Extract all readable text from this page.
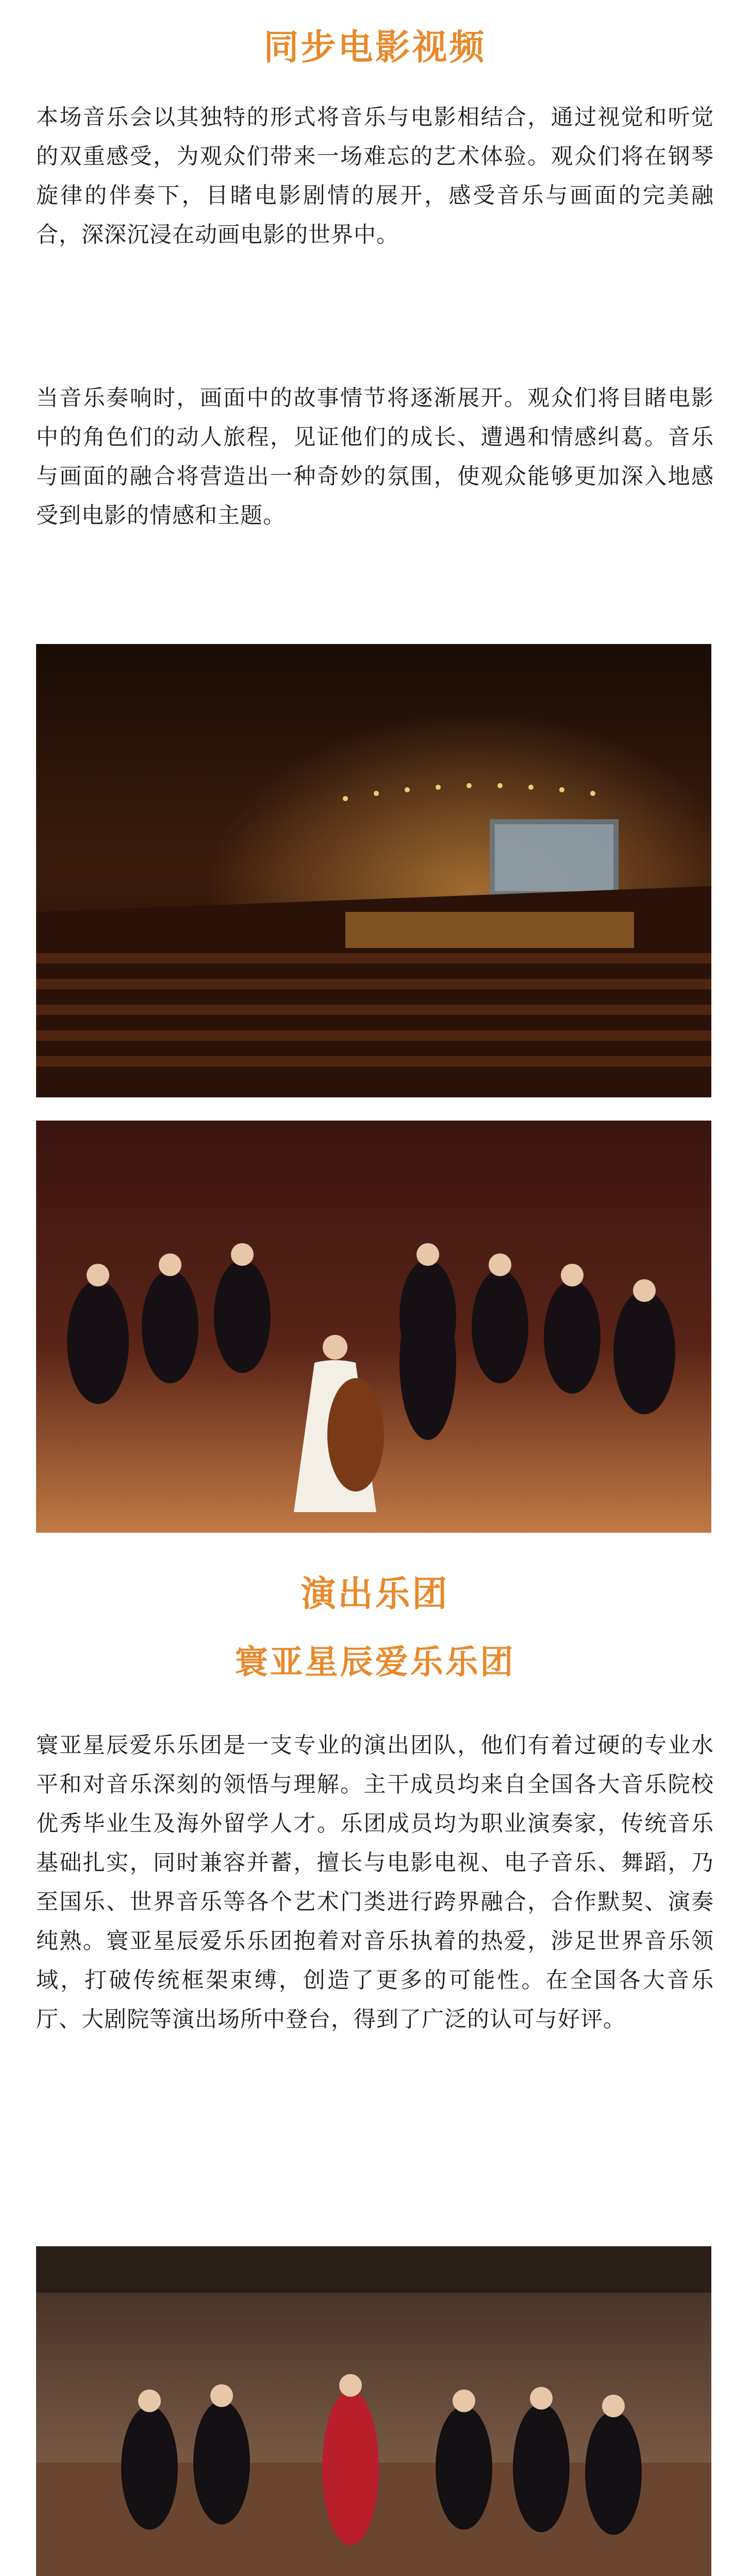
同步电影视频
本场音乐会以其独特的形式将音乐与电影相结合，通过视觉和听觉的双重感受，为观众们带来一场难忘的艺术体验。观众们将在钢琴旋律的伴奏下，目睹电影剧情的展开，感受音乐与画面的完美融合，深深沉浸在动画电影的世界中。
当音乐奏响时，画面中的故事情节将逐渐展开。观众们将目睹电影中的角色们的动人旅程，见证他们的成长、遭遇和情感纠葛。音乐与画面的融合将营造出一种奇妙的氛围，使观众能够更加深入地感受到电影的情感和主题。
演出乐团
寰亚星辰爱乐乐团
寰亚星辰爱乐乐团是一支专业的演出团队，他们有着过硬的专业水平和对音乐深刻的领悟与理解。主干成员均来自全国各大音乐院校优秀毕业生及海外留学人才。乐团成员均为职业演奏家，传统音乐基础扎实，同时兼容并蓄，擅长与电影电视、电子音乐、舞蹈，乃至国乐、世界音乐等各个艺术门类进行跨界融合，合作默契、演奏纯熟。寰亚星辰爱乐乐团抱着对音乐执着的热爱，涉足世界音乐领域，打破传统框架束缚，创造了更多的可能性。在全国各大音乐厅、大剧院等演出场所中登台，得到了广泛的认可与好评。
